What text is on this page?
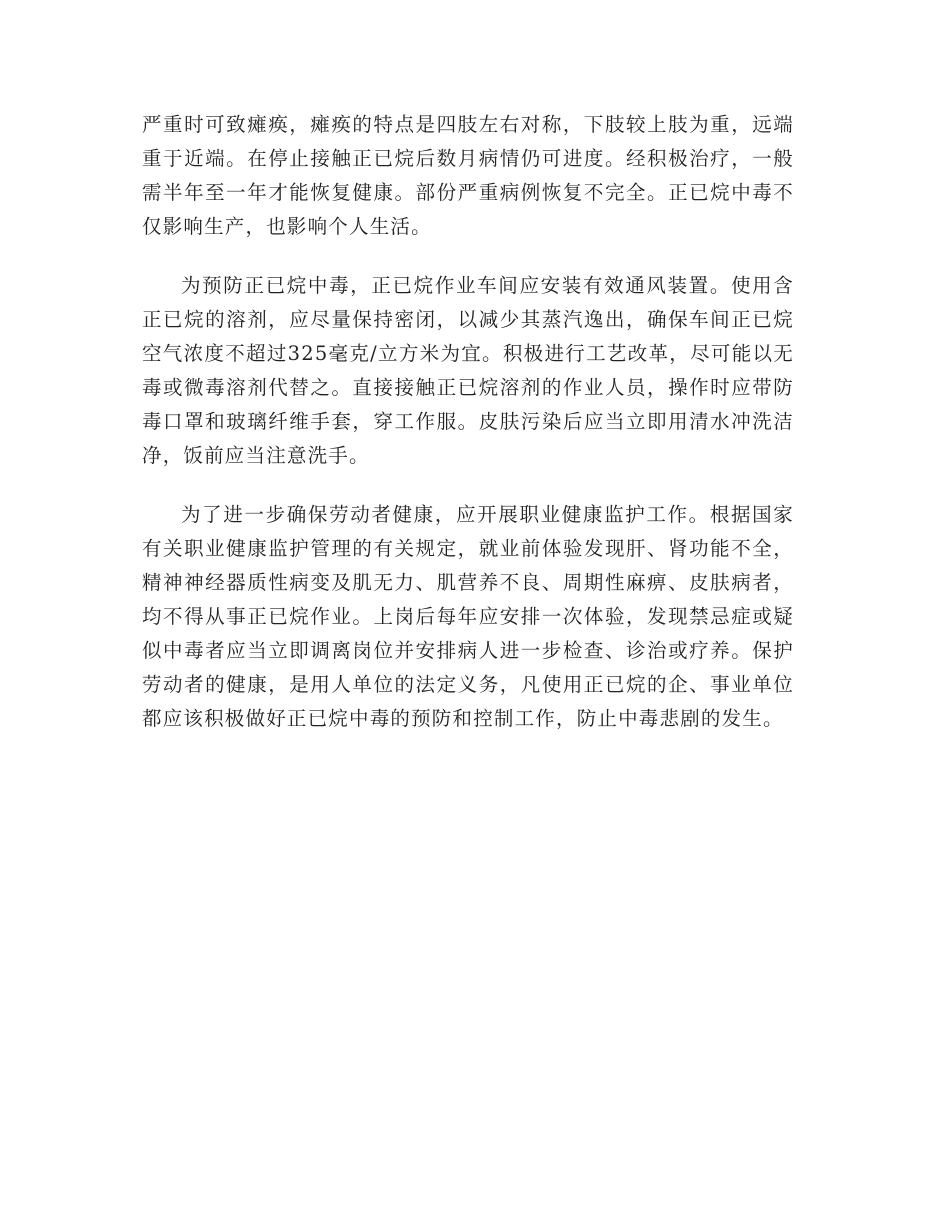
严重时可致瘫痪，瘫痪的特点是四肢左右对称，下肢较上肢为重，远端重于近端。在停止接触正已烷后数月病情仍可进度。经积极治疗，一般需半年至一年才能恢复健康。部份严重病例恢复不完全。正已烷中毒不仅影响生产，也影响个人生活。

为预防正已烷中毒，正已烷作业车间应安装有效通风装置。使用含正已烷的溶剂，应尽量保持密闭，以减少其蒸汽逸出，确保车间正已烷空气浓度不超过325毫克/立方米为宜。积极进行工艺改革，尽可能以无毒或微毒溶剂代替之。直接接触正已烷溶剂的作业人员，操作时应带防毒口罩和玻璃纤维手套，穿工作服。皮肤污染后应当立即用清水冲洗洁净，饭前应当注意洗手。

为了进一步确保劳动者健康，应开展职业健康监护工作。根据国家有关职业健康监护管理的有关规定，就业前体验发现肝、肾功能不全，精神神经器质性病变及肌无力、肌营养不良、周期性麻痹、皮肤病者，均不得从事正已烷作业。上岗后每年应安排一次体验，发现禁忌症或疑似中毒者应当立即调离岗位并安排病人进一步检查、诊治或疗养。保护劳动者的健康，是用人单位的法定义务，凡使用正已烷的企、事业单位都应该积极做好正已烷中毒的预防和控制工作，防止中毒悲剧的发生。
